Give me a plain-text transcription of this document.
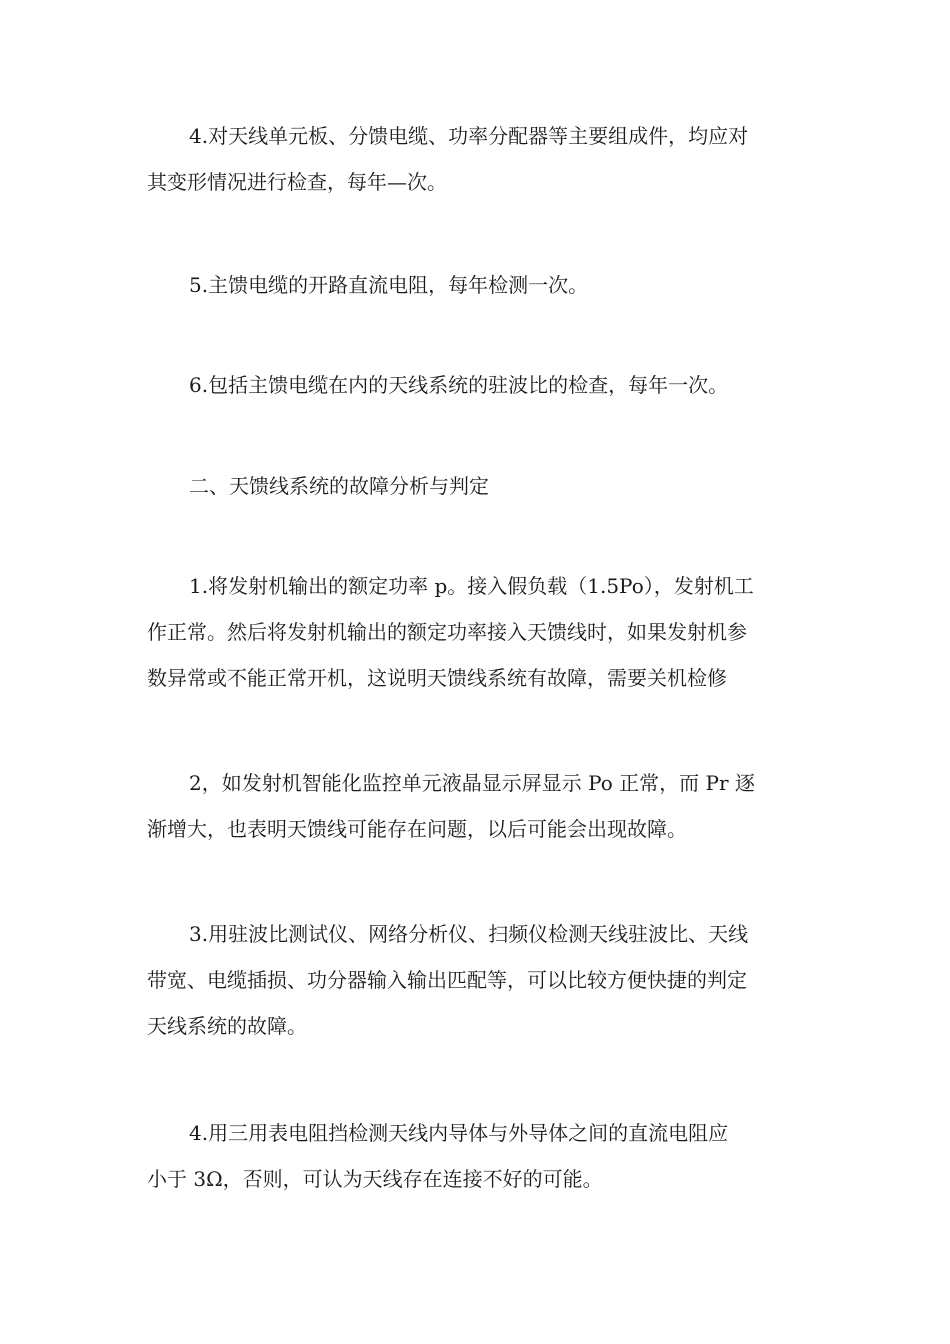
4.对天线单元板、分馈电缆、功率分配器等主要组成件，均应对
其变形情况进行检查，每年—次。

5.主馈电缆的开路直流电阻，每年检测一次。

6.包括主馈电缆在内的天线系统的驻波比的检查，每年一次。

二、天馈线系统的故障分析与判定

1.将发射机输出的额定功率 p。接入假负载（1.5Po），发射机工
作正常。然后将发射机输出的额定功率接入天馈线时，如果发射机参
数异常或不能正常开机，这说明天馈线系统有故障，需要关机检修

2，如发射机智能化监控单元液晶显示屏显示 Po 正常，而 Pr 逐
渐增大，也表明天馈线可能存在问题，以后可能会出现故障。

3.用驻波比测试仪、网络分析仪、扫频仪检测天线驻波比、天线
带宽、电缆插损、功分器输入输出匹配等，可以比较方便快捷的判定
天线系统的故障。

4.用三用表电阻挡检测天线内导体与外导体之间的直流电阻应
小于 3Ω，否则，可认为天线存在连接不好的可能。
